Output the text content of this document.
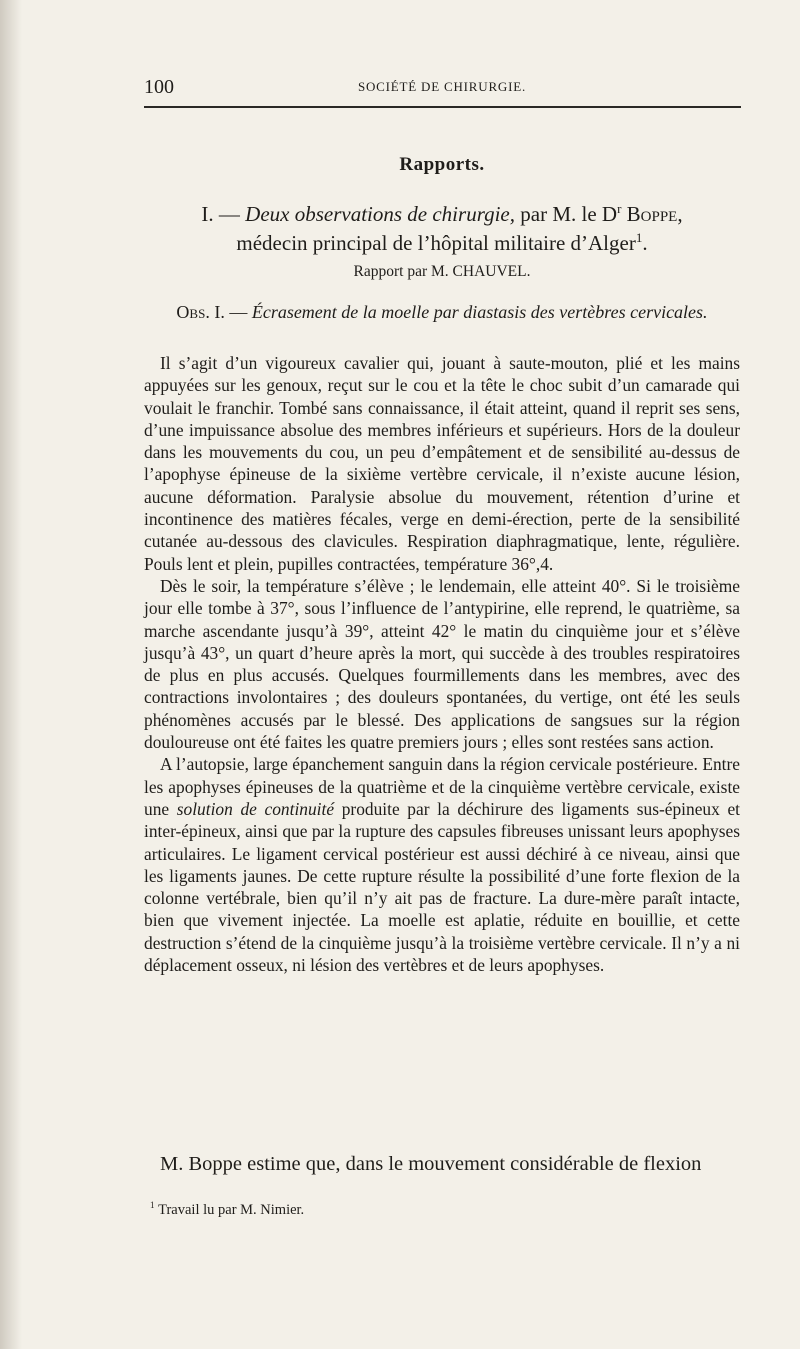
100	SOCIÉTÉ DE CHIRURGIE.
Rapports.
I. — Deux observations de chirurgie, par M. le $D^r$ Boppe,
médecin principal de l’hôpital militaire d’Alger$^1$.
Rapport par M. CHAUVEL.
Obs. I. — Écrasement de la moelle par diastasis des vertèbres cervicales.

Il s’agit d’un vigoureux cavalier qui, jouant à saute-mouton, plié et les mains appuyées sur les genoux, reçut sur le cou et la tête le choc subit d’un camarade qui voulait le franchir. Tombé sans connaissance, il était atteint, quand il reprit ses sens, d’une impuissance absolue des membres inférieurs et supérieurs. Hors de la douleur dans les mouvements du cou, un peu d’empâtement et de sensibilité au-dessus de l’apophyse épineuse de la sixième vertèbre cervicale, il n’existe aucune lésion, aucune déformation. Paralysie absolue du mouvement, rétention d’urine et incontinence des matières fécales, verge en demi-érection, perte de la sensibilité cutanée au-dessous des clavicules. Respiration diaphragmatique, lente, régulière. Pouls lent et plein, pupilles contractées, température 36°,4.

Dès le soir, la température s’élève ; le lendemain, elle atteint 40°. Si le troisième jour elle tombe à 37°, sous l’influence de l’antypirine, elle reprend, le quatrième, sa marche ascendante jusqu’à 39°, atteint 42° le matin du cinquième jour et s’élève jusqu’à 43°, un quart d’heure après la mort, qui succède à des troubles respiratoires de plus en plus accusés. Quelques fourmillements dans les membres, avec des contractions involontaires ; des douleurs spontanées, du vertige, ont été les seuls phénomènes accusés par le blessé. Des applications de sangsues sur la région douloureuse ont été faites les quatre premiers jours ; elles sont restées sans action.

A l’autopsie, large épanchement sanguin dans la région cervicale postérieure. Entre les apophyses épineuses de la quatrième et de la cinquième vertèbre cervicale, existe une solution de continuité produite par la déchirure des ligaments sus-épineux et inter-épineux, ainsi que par la rupture des capsules fibreuses unissant leurs apophyses articulaires. Le ligament cervical postérieur est aussi déchiré à ce niveau, ainsi que les ligaments jaunes. De cette rupture résulte la possibilité d’une forte flexion de la colonne vertébrale, bien qu’il n’y ait pas de fracture. La dure-mère paraît intacte, bien que vivement injectée. La moelle est aplatie, réduite en bouillie, et cette destruction s’étend de la cinquième jusqu’à la troisième vertèbre cervicale. Il n’y a ni déplacement osseux, ni lésion des vertèbres et de leurs apophyses.

M. Boppe estime que, dans le mouvement considérable de flexion
$^1$ Travail lu par M. Nimier.
